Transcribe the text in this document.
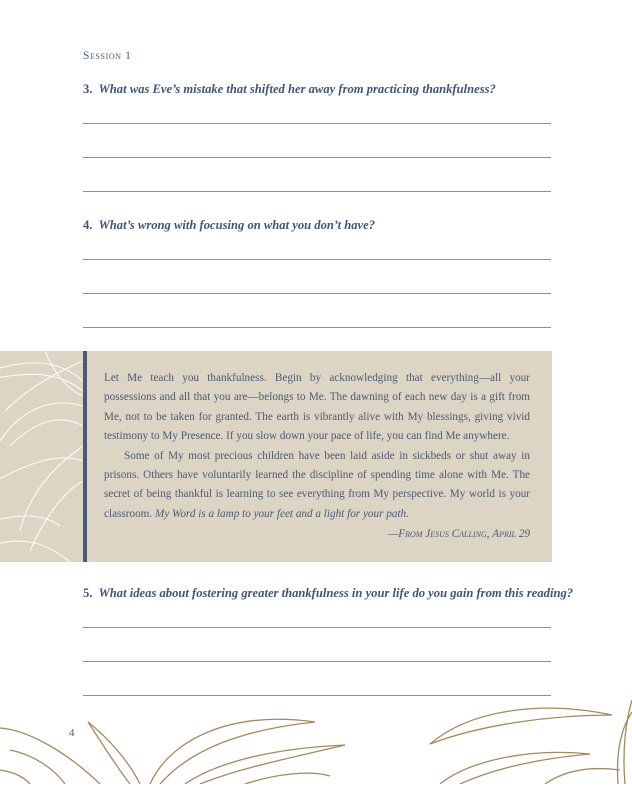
Session 1
3. What was Eve’s mistake that shifted her away from practicing thankfulness?
4. What’s wrong with focusing on what you don’t have?

Let Me teach you thankfulness. Begin by acknowledging that everything—all your possessions and all that you are—belongs to Me. The dawning of each new day is a gift from Me, not to be taken for granted. The earth is vibrantly alive with My blessings, giving vivid testimony to My Presence. If you slow down your pace of life, you can find Me anywhere.

Some of My most precious children have been laid aside in sickbeds or shut away in prisons. Others have voluntarily learned the discipline of spending time alone with Me. The secret of being thankful is learning to see everything from My perspective. My world is your classroom. My Word is a lamp to your feet and a light for your path.

—From Jesus Calling, April 29
5. What ideas about fostering greater thankfulness in your life do you gain from this reading?
4
